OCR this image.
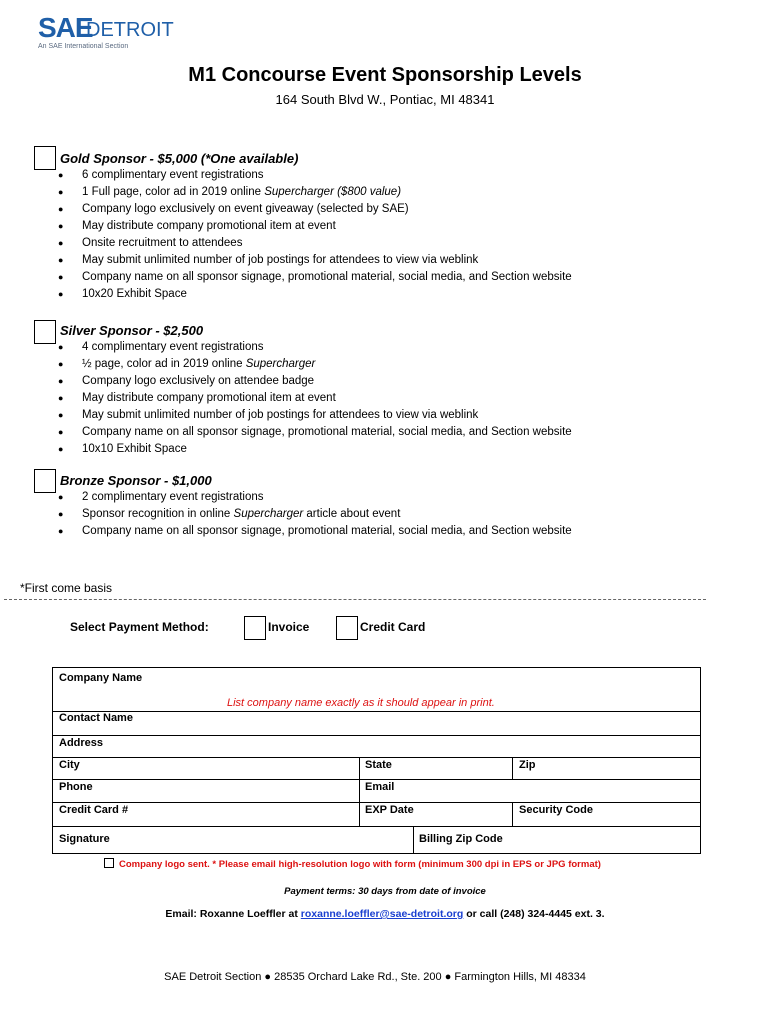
SAE
DETROIT
An SAE International Section
M1 Concourse Event Sponsorship Levels
164 South Blvd W., Pontiac, MI 48341
Gold Sponsor - $5,000 (*One available)
● 6 complimentary event registrations
● 1 Full page, color ad in 2019 online Supercharger ($800 value)
● Company logo exclusively on event giveaway (selected by SAE)
● May distribute company promotional item at event
● Onsite recruitment to attendees
● May submit unlimited number of job postings for attendees to view via weblink
● Company name on all sponsor signage, promotional material, social media, and Section website
● 10x20 Exhibit Space
Silver Sponsor - $2,500
● 4 complimentary event registrations
● ½ page, color ad in 2019 online Supercharger
● Company logo exclusively on attendee badge
● May distribute company promotional item at event
● May submit unlimited number of job postings for attendees to view via weblink
● Company name on all sponsor signage, promotional material, social media, and Section website
● 10x10 Exhibit Space
Bronze Sponsor - $1,000
● 2 complimentary event registrations
● Sponsor recognition in online Supercharger article about event
● Company name on all sponsor signage, promotional material, social media, and Section website
*First come basis
Select Payment Method:	Invoice	Credit Card
Company Name
List company name exactly as it should appear in print.
Contact Name
Address
City	State	Zip
Phone	Email
Credit Card #	EXP Date	Security Code
Signature	Billing Zip Code
Company logo sent. * Please email high-resolution logo with form (minimum 300 dpi in EPS or JPG format)
Payment terms: 30 days from date of invoice
Email: Roxanne Loeffler at roxanne.loeffler@sae-detroit.org or call (248) 324-4445 ext. 3.
SAE Detroit Section ● 28535 Orchard Lake Rd., Ste. 200 ● Farmington Hills, MI 48334
